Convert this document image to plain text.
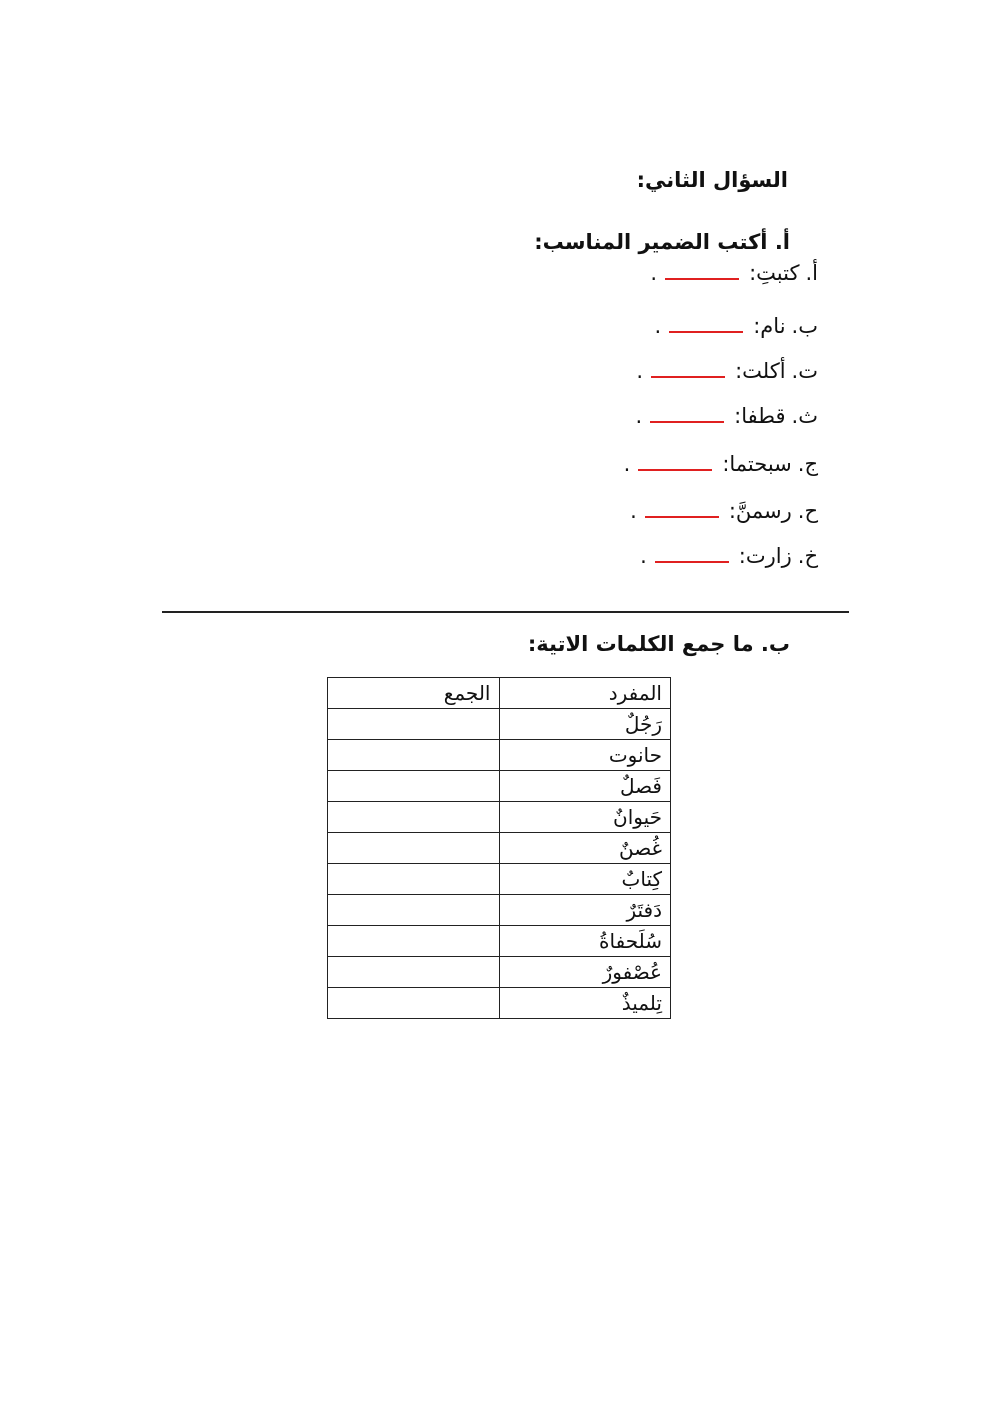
السؤال الثاني:
أ. أكتب الضمير المناسب:
أ.
كتبتِ:
.
ب.
نام:
.
ت.
أكلت:
.
ث.
قطفا:
.
ج.
سبحتما:
.
ح.
رسمنَّ:
.
خ.
زارت:
.
ب. ما جمع الكلمات الاتية:
المفرد	الجمع
رَجُلٌ	
حانوت	
فَصلٌ	
حَيوانٌ	
غُصنٌ	
كِتابٌ	
دَفتَرٌ	
سُلَحفاةُ	
عُصْفورٌ	
تِلميذٌ	
